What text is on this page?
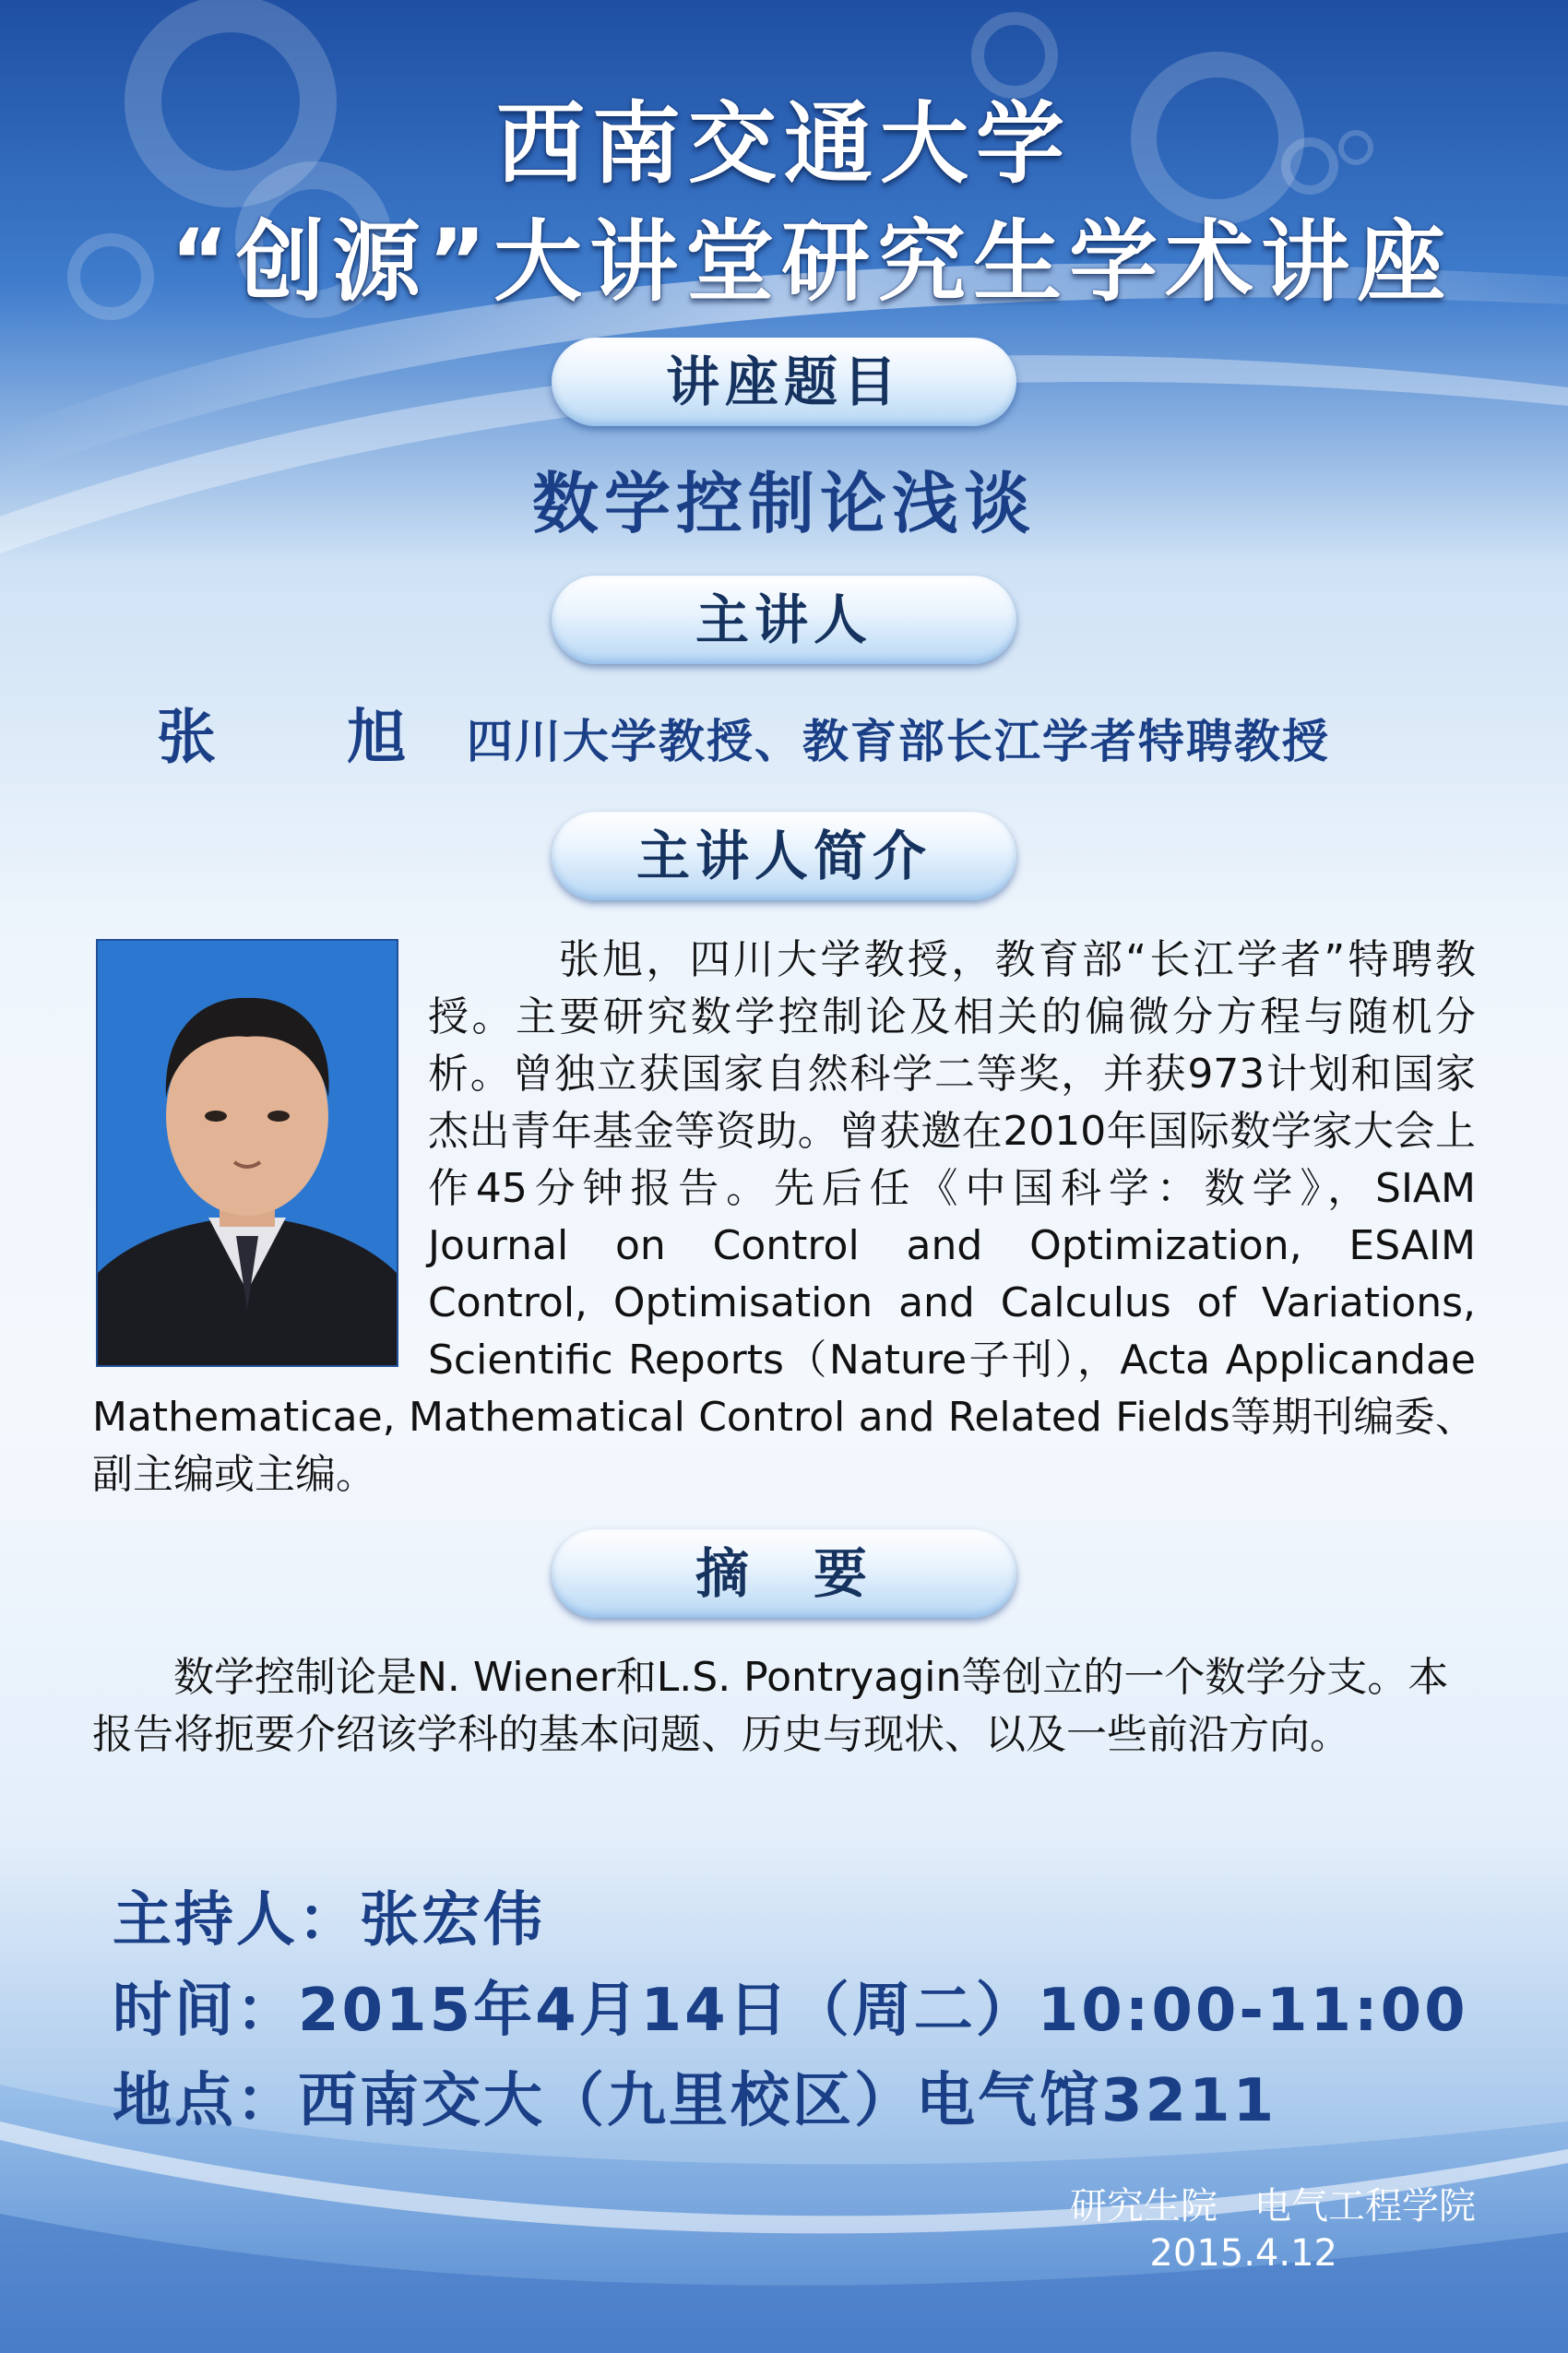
西南交通大学
“创源”大讲堂研究生学术讲座
讲座题目
数学控制论浅谈
主讲人
张 旭 四川大学教授、教育部长江学者特聘教授
主讲人简介
　　　张旭，四川大学教授，教育部“长江学者”特聘教授。主要研究数学控制论及相关的偏微分方程与随机分析。曾独立获国家自然科学二等奖，并获973计划和国家杰出青年基金等资助。曾获邀在2010年国际数学家大会上作45分钟报告。先后任《中国科学：数学》，SIAM Journal on Control and Optimization, ESAIM Control, Optimisation and Calculus of Variations, Scientific Reports（Nature子刊），Acta Applicandae Mathematicae, Mathematical Control and Related Fields等期刊编委、副主编或主编。
摘　要
　　数学控制论是N. Wiener和L.S. Pontryagin等创立的一个数学分支。本报告将扼要介绍该学科的基本问题、历史与现状、以及一些前沿方向。
主持人：张宏伟
时间：2015年4月14日（周二）10:00-11:00
地点：西南交大（九里校区）电气馆3211
研究生院　电气工程学院
2015.4.12
